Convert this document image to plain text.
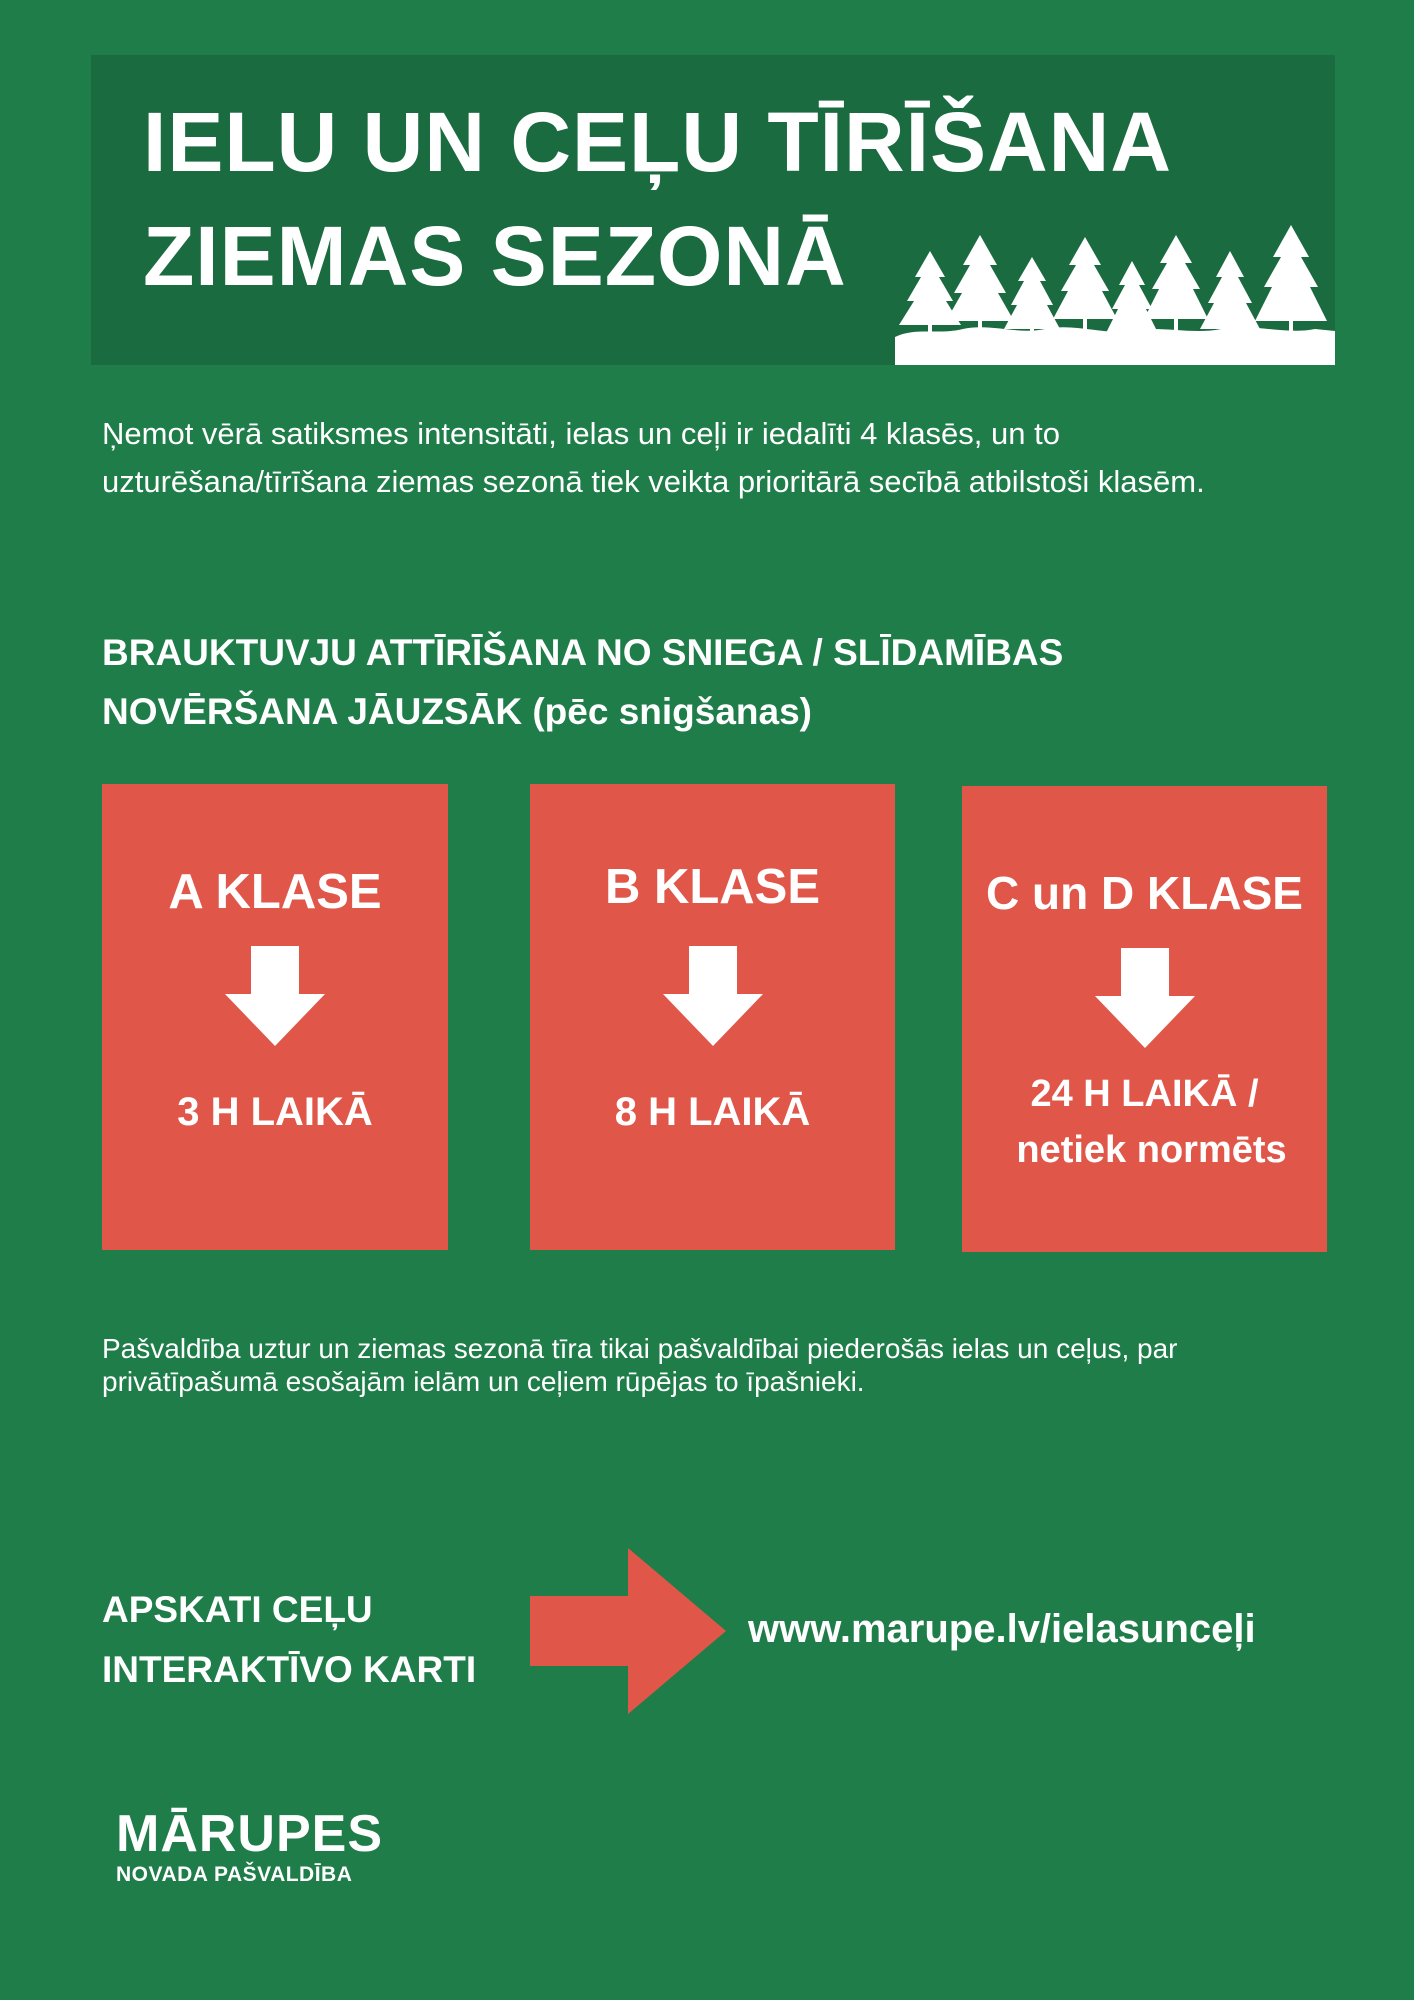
IELU UN CEĻU TĪRĪŠANA
ZIEMAS SEZONĀ

Ņemot vērā satiksmes intensitāti, ielas un ceļi ir iedalīti 4 klasēs, un to uzturēšana/tīrīšana ziemas sezonā tiek veikta prioritārā secībā atbilstoši klasēm.

BRAUKTUVJU ATTĪRĪŠANA NO SNIEGA / SLĪDAMĪBAS
NOVĒRŠANA JĀUZSĀK (pēc snigšanas)
A KLASE
3 H LAIKĀ
B KLASE
8 H LAIKĀ
C un D KLASE
24 H LAIKĀ /
netiek normēts

Pašvaldība uztur un ziemas sezonā tīra tikai pašvaldībai piederošās ielas un ceļus, par privātīpašumā esošajām ielām un ceļiem rūpējas to īpašnieki.

APSKATI CEĻU
INTERAKTĪVO KARTI

www.marupe.lv/ielasunceļi
MĀRUPES
NOVADA PAŠVALDĪBA
